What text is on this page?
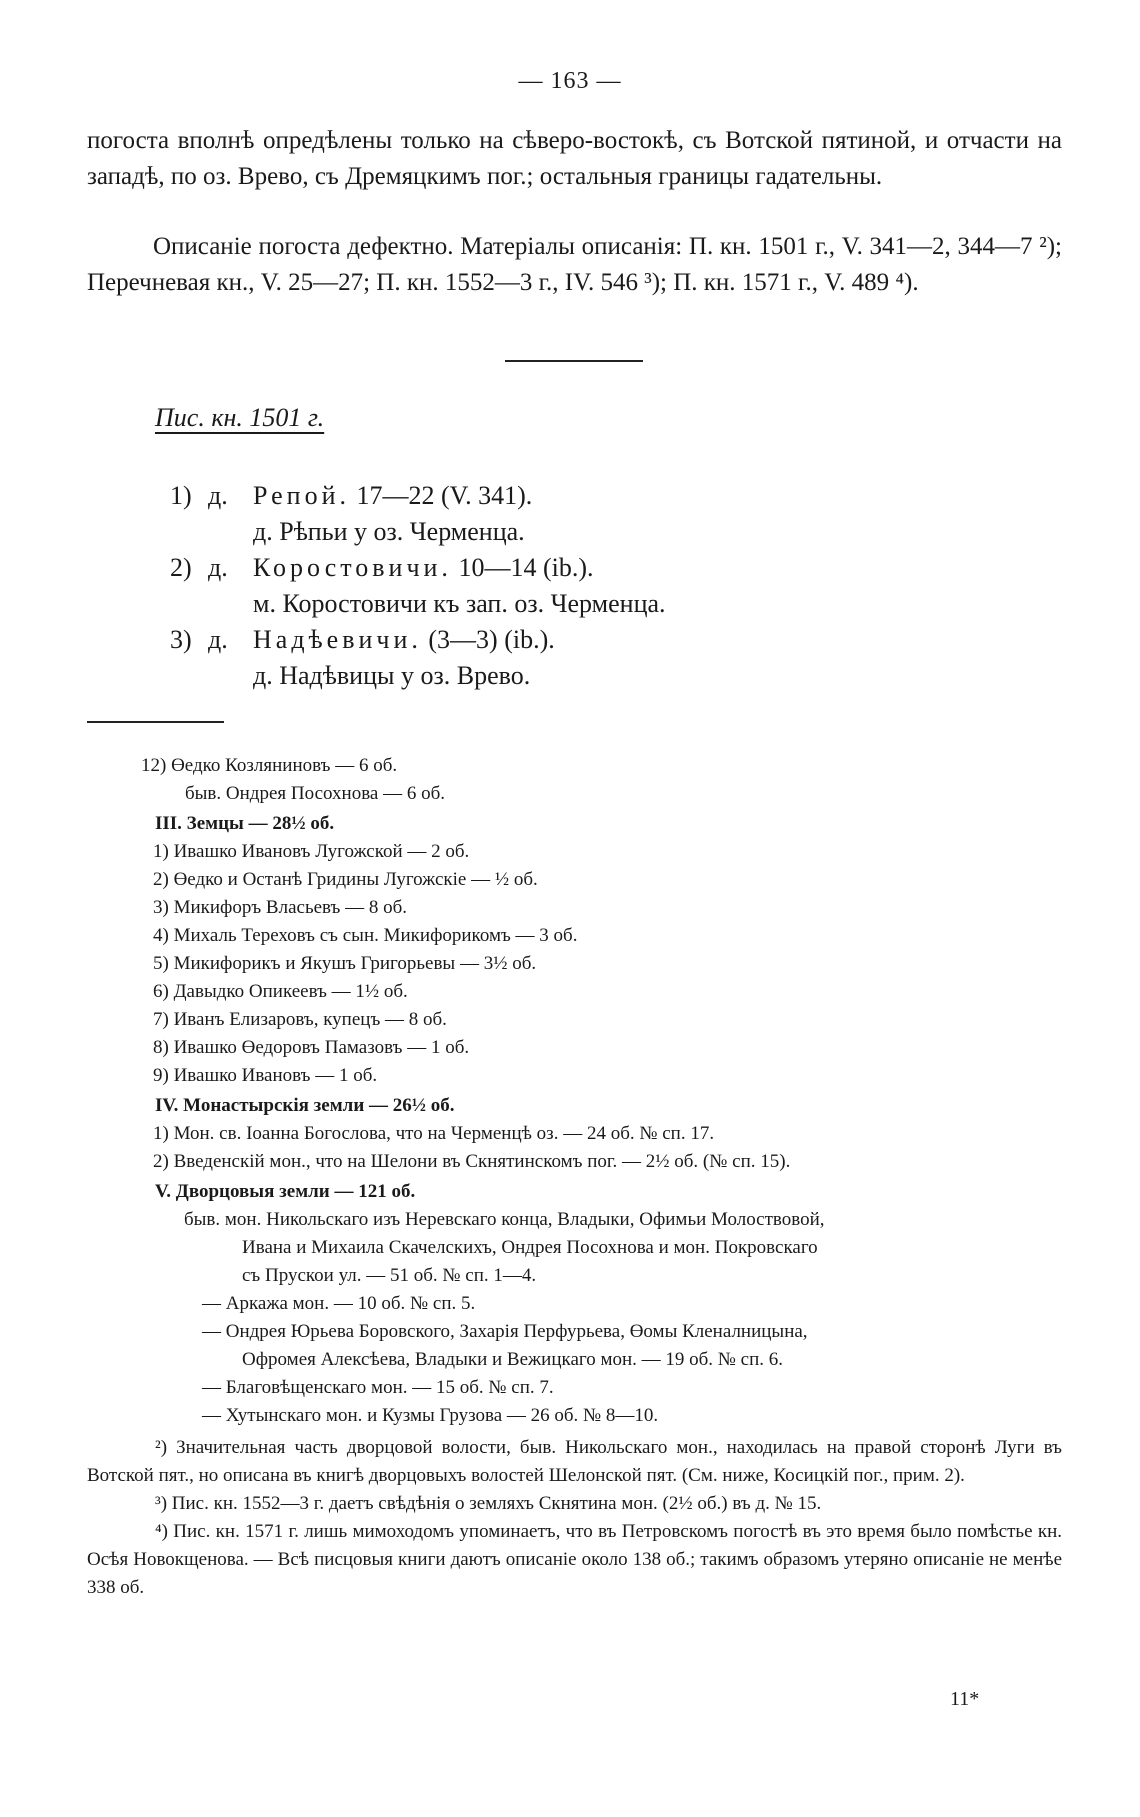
— 163 —

погоста вполнѣ опредѣлены только на сѣверо-востокѣ, съ Вотской пятиной, и отчасти на западѣ, по оз. Врево, съ Дремяцкимъ пог.; остальныя границы гадательны.

Описаніе погоста дефектно. Матеріалы описанія: П. кн. 1501 г., V. 341—2, 344—7 ²); Перечневая кн., V. 25—27; П. кн. 1552—3 г., IV. 546 ³); П. кн. 1571 г., V. 489 ⁴).

Пис. кн. 1501 г.
1) д. Репой.
17—22 (V. 341).
д. Рѣпьи у оз. Черменца.
2) д. Коростовичи.
10—14 (ib.).
м. Коростовичи къ зап. оз. Черменца.
3) д. Надѣевичи.
(3—3) (ib.).
д. Надѣвицы у оз. Врево.
12) Өедко Козляниновъ — 6 об.
быв. Ондрея Посохнова — 6 об.
III. Земцы — 28½ об.
1) Ивашко Ивановъ Лугожской — 2 об.
2) Өедко и Останѣ Гридины Лугожскіе — ½ об.
3) Микифоръ Власьевъ — 8 об.
4) Михаль Тереховъ съ сын. Микифорикомъ — 3 об.
5) Микифорикъ и Якушъ Григорьевы — 3½ об.
6) Давыдко Опикеевъ — 1½ об.
7) Иванъ Елизаровъ, купецъ — 8 об.
8) Ивашко Өедоровъ Памазовъ — 1 об.
9) Ивашко Ивановъ — 1 об.
IV. Монастырскія земли — 26½ об.
1) Мон. св. Іоанна Богослова, что на Черменцѣ оз. — 24 об. № сп. 17.
2) Введенскій мон., что на Шелони въ Скнятинскомъ пог. — 2½ об. (№ сп. 15).
V. Дворцовыя земли — 121 об.
быв. мон. Никольскаго изъ Неревскаго конца, Владыки, Офимьи Молоствовой,
Ивана и Михаила Скачелскихъ, Ондрея Посохнова и мон. Покровскаго
съ Прускои ул. — 51 об. № сп. 1—4.
— Аркажа мон. — 10 об. № сп. 5.
— Ондрея Юрьева Боровского, Захарія Перфурьева, Өомы Кленалницына,
Офромея Алексѣева, Владыки и Вежицкаго мон. — 19 об. № сп. 6.
— Благовѣщенскаго мон. — 15 об. № сп. 7.
— Хутынскаго мон. и Кузмы Грузова — 26 об. № 8—10.
²) Значительная часть дворцовой волости, быв. Никольскаго мон., находилась на правой сторонѣ Луги въ Вотской пят., но описана въ книгѣ дворцовыхъ волостей Шелонской пят. (См. ниже, Косицкій пог., прим. 2).
³) Пис. кн. 1552—3 г. даетъ свѣдѣнія о земляхъ Скнятина мон. (2½ об.) въ д. № 15.
⁴) Пис. кн. 1571 г. лишь мимоходомъ упоминаетъ, что въ Петровскомъ погостѣ въ это время было помѣстье кн. Осѣя Новокщенова. — Всѣ писцовыя книги даютъ описаніе около 138 об.; такимъ образомъ утеряно описаніе не менѣе 338 об.
11*
